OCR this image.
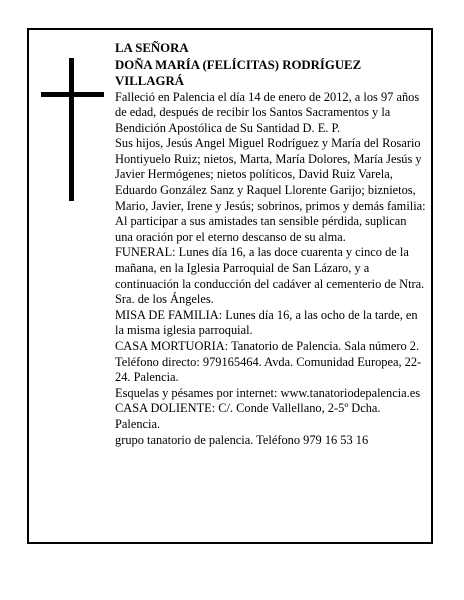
LA SEÑORA
DOÑA MARÍA (FELÍCITAS) RODRÍGUEZ
VILLAGRÁ

Falleció en Palencia el día 14 de enero de 2012, a los 97 años de edad, después de recibir los Santos Sacramentos y la Bendición Apostólica de Su Santidad D. E. P.

Sus hijos, Jesús Angel Miguel Rodríguez y María del Rosario Hontiyuelo Ruiz; nietos, Marta, María Dolores, María Jesús y Javier Hermógenes; nietos políticos, David Ruiz Varela, Eduardo González Sanz y Raquel Llorente Garijo; biznietos, Mario, Javier, Irene y Jesús; sobrinos, primos y demás familia:

Al participar a sus amistades tan sensible pérdida, suplican una oración por el eterno descanso de su alma.

FUNERAL: Lunes día 16, a las doce cuarenta y cinco de la mañana, en la Iglesia Parroquial de San Lázaro, y a continuación la conducción del cadáver al cementerio de Ntra. Sra. de los Ángeles.

MISA DE FAMILIA: Lunes día 16, a las ocho de la tarde, en la misma iglesia parroquial.

CASA MORTUORIA: Tanatorio de Palencia. Sala número 2. Teléfono directo: 979165464. Avda. Comunidad Europea, 22-24. Palencia.

Esquelas y pésames por internet: www.tanatoriodepalencia.es

CASA DOLIENTE: C/. Conde Vallellano, 2-5º Dcha. Palencia.

grupo tanatorio de palencia. Teléfono 979 16 53 16
